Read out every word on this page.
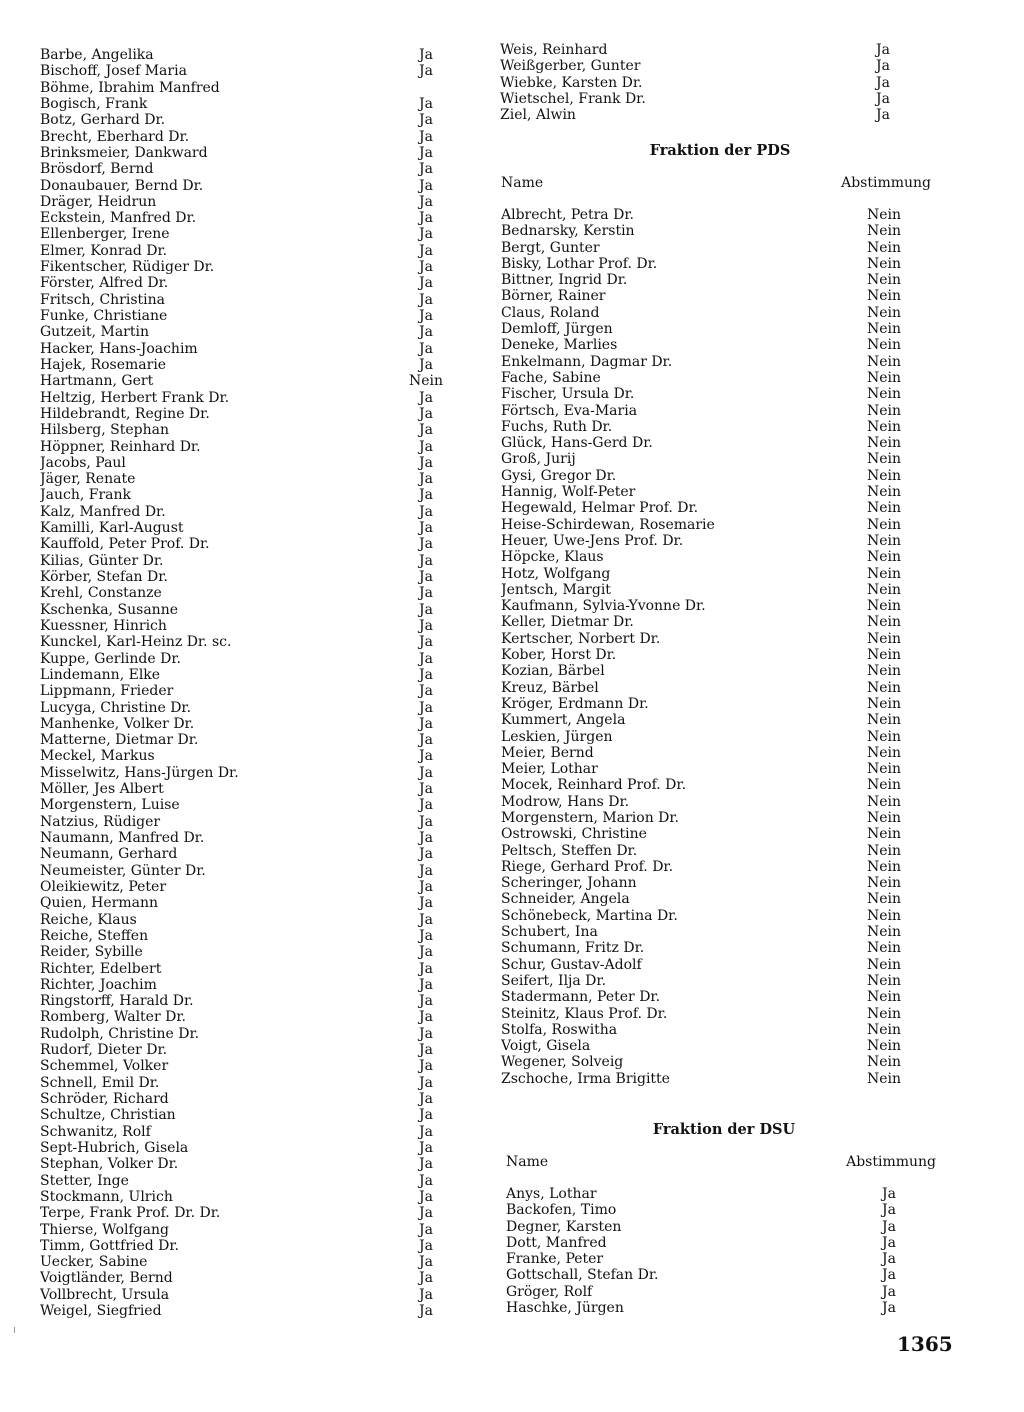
Barbe, Angelika	Ja
Bischoff, Josef Maria	Ja
Böhme, Ibrahim Manfred
Bogisch, Frank	Ja
Botz, Gerhard Dr.	Ja
Brecht, Eberhard Dr.	Ja
Brinksmeier, Dankward	Ja
Brösdorf, Bernd	Ja
Donaubauer, Bernd Dr.	Ja
Dräger, Heidrun	Ja
Eckstein, Manfred Dr.	Ja
Ellenberger, Irene	Ja
Elmer, Konrad Dr.	Ja
Fikentscher, Rüdiger Dr.	Ja
Förster, Alfred Dr.	Ja
Fritsch, Christina	Ja
Funke, Christiane	Ja
Gutzeit, Martin	Ja
Hacker, Hans-Joachim	Ja
Hajek, Rosemarie	Ja
Hartmann, Gert	Nein
Heltzig, Herbert Frank Dr.	Ja
Hildebrandt, Regine Dr.	Ja
Hilsberg, Stephan	Ja
Höppner, Reinhard Dr.	Ja
Jacobs, Paul	Ja
Jäger, Renate	Ja
Jauch, Frank	Ja
Kalz, Manfred Dr.	Ja
Kamilli, Karl-August	Ja
Kauffold, Peter Prof. Dr.	Ja
Kilias, Günter Dr.	Ja
Körber, Stefan Dr.	Ja
Krehl, Constanze	Ja
Kschenka, Susanne	Ja
Kuessner, Hinrich	Ja
Kunckel, Karl-Heinz Dr. sc.	Ja
Kuppe, Gerlinde Dr.	Ja
Lindemann, Elke	Ja
Lippmann, Frieder	Ja
Lucyga, Christine Dr.	Ja
Manhenke, Volker Dr.	Ja
Matterne, Dietmar Dr.	Ja
Meckel, Markus	Ja
Misselwitz, Hans-Jürgen Dr.	Ja
Möller, Jes Albert	Ja
Morgenstern, Luise	Ja
Natzius, Rüdiger	Ja
Naumann, Manfred Dr.	Ja
Neumann, Gerhard	Ja
Neumeister, Günter Dr.	Ja
Oleikiewitz, Peter	Ja
Quien, Hermann	Ja
Reiche, Klaus	Ja
Reiche, Steffen	Ja
Reider, Sybille	Ja
Richter, Edelbert	Ja
Richter, Joachim	Ja
Ringstorff, Harald Dr.	Ja
Romberg, Walter Dr.	Ja
Rudolph, Christine Dr.	Ja
Rudorf, Dieter Dr.	Ja
Schemmel, Volker	Ja
Schnell, Emil Dr.	Ja
Schröder, Richard	Ja
Schultze, Christian	Ja
Schwanitz, Rolf	Ja
Sept-Hubrich, Gisela	Ja
Stephan, Volker Dr.	Ja
Stetter, Inge	Ja
Stockmann, Ulrich	Ja
Terpe, Frank Prof. Dr. Dr.	Ja
Thierse, Wolfgang	Ja
Timm, Gottfried Dr.	Ja
Uecker, Sabine	Ja
Voigtländer, Bernd	Ja
Vollbrecht, Ursula	Ja
Weigel, Siegfried	Ja
Weis, Reinhard	Ja
Weißgerber, Gunter	Ja
Wiebke, Karsten Dr.	Ja
Wietschel, Frank Dr.	Ja
Ziel, Alwin	Ja
Fraktion der PDS
Name	Abstimmung
Albrecht, Petra Dr.	Nein
Bednarsky, Kerstin	Nein
Bergt, Gunter	Nein
Bisky, Lothar Prof. Dr.	Nein
Bittner, Ingrid Dr.	Nein
Börner, Rainer	Nein
Claus, Roland	Nein
Demloff, Jürgen	Nein
Deneke, Marlies	Nein
Enkelmann, Dagmar Dr.	Nein
Fache, Sabine	Nein
Fischer, Ursula Dr.	Nein
Förtsch, Eva-Maria	Nein
Fuchs, Ruth Dr.	Nein
Glück, Hans-Gerd Dr.	Nein
Groß, Jurij	Nein
Gysi, Gregor Dr.	Nein
Hannig, Wolf-Peter	Nein
Hegewald, Helmar Prof. Dr.	Nein
Heise-Schirdewan, Rosemarie	Nein
Heuer, Uwe-Jens Prof. Dr.	Nein
Höpcke, Klaus	Nein
Hotz, Wolfgang	Nein
Jentsch, Margit	Nein
Kaufmann, Sylvia-Yvonne Dr.	Nein
Keller, Dietmar Dr.	Nein
Kertscher, Norbert Dr.	Nein
Kober, Horst Dr.	Nein
Kozian, Bärbel	Nein
Kreuz, Bärbel	Nein
Kröger, Erdmann Dr.	Nein
Kummert, Angela	Nein
Leskien, Jürgen	Nein
Meier, Bernd	Nein
Meier, Lothar	Nein
Mocek, Reinhard Prof. Dr.	Nein
Modrow, Hans Dr.	Nein
Morgenstern, Marion Dr.	Nein
Ostrowski, Christine	Nein
Peltsch, Steffen Dr.	Nein
Riege, Gerhard Prof. Dr.	Nein
Scheringer, Johann	Nein
Schneider, Angela	Nein
Schönebeck, Martina Dr.	Nein
Schubert, Ina	Nein
Schumann, Fritz Dr.	Nein
Schur, Gustav-Adolf	Nein
Seifert, Ilja Dr.	Nein
Stadermann, Peter Dr.	Nein
Steinitz, Klaus Prof. Dr.	Nein
Stolfa, Roswitha	Nein
Voigt, Gisela	Nein
Wegener, Solveig	Nein
Zschoche, Irma Brigitte	Nein
Fraktion der DSU
Name	Abstimmung
Anys, Lothar	Ja
Backofen, Timo	Ja
Degner, Karsten	Ja
Dott, Manfred	Ja
Franke, Peter	Ja
Gottschall, Stefan Dr.	Ja
Gröger, Rolf	Ja
Haschke, Jürgen	Ja
1365
